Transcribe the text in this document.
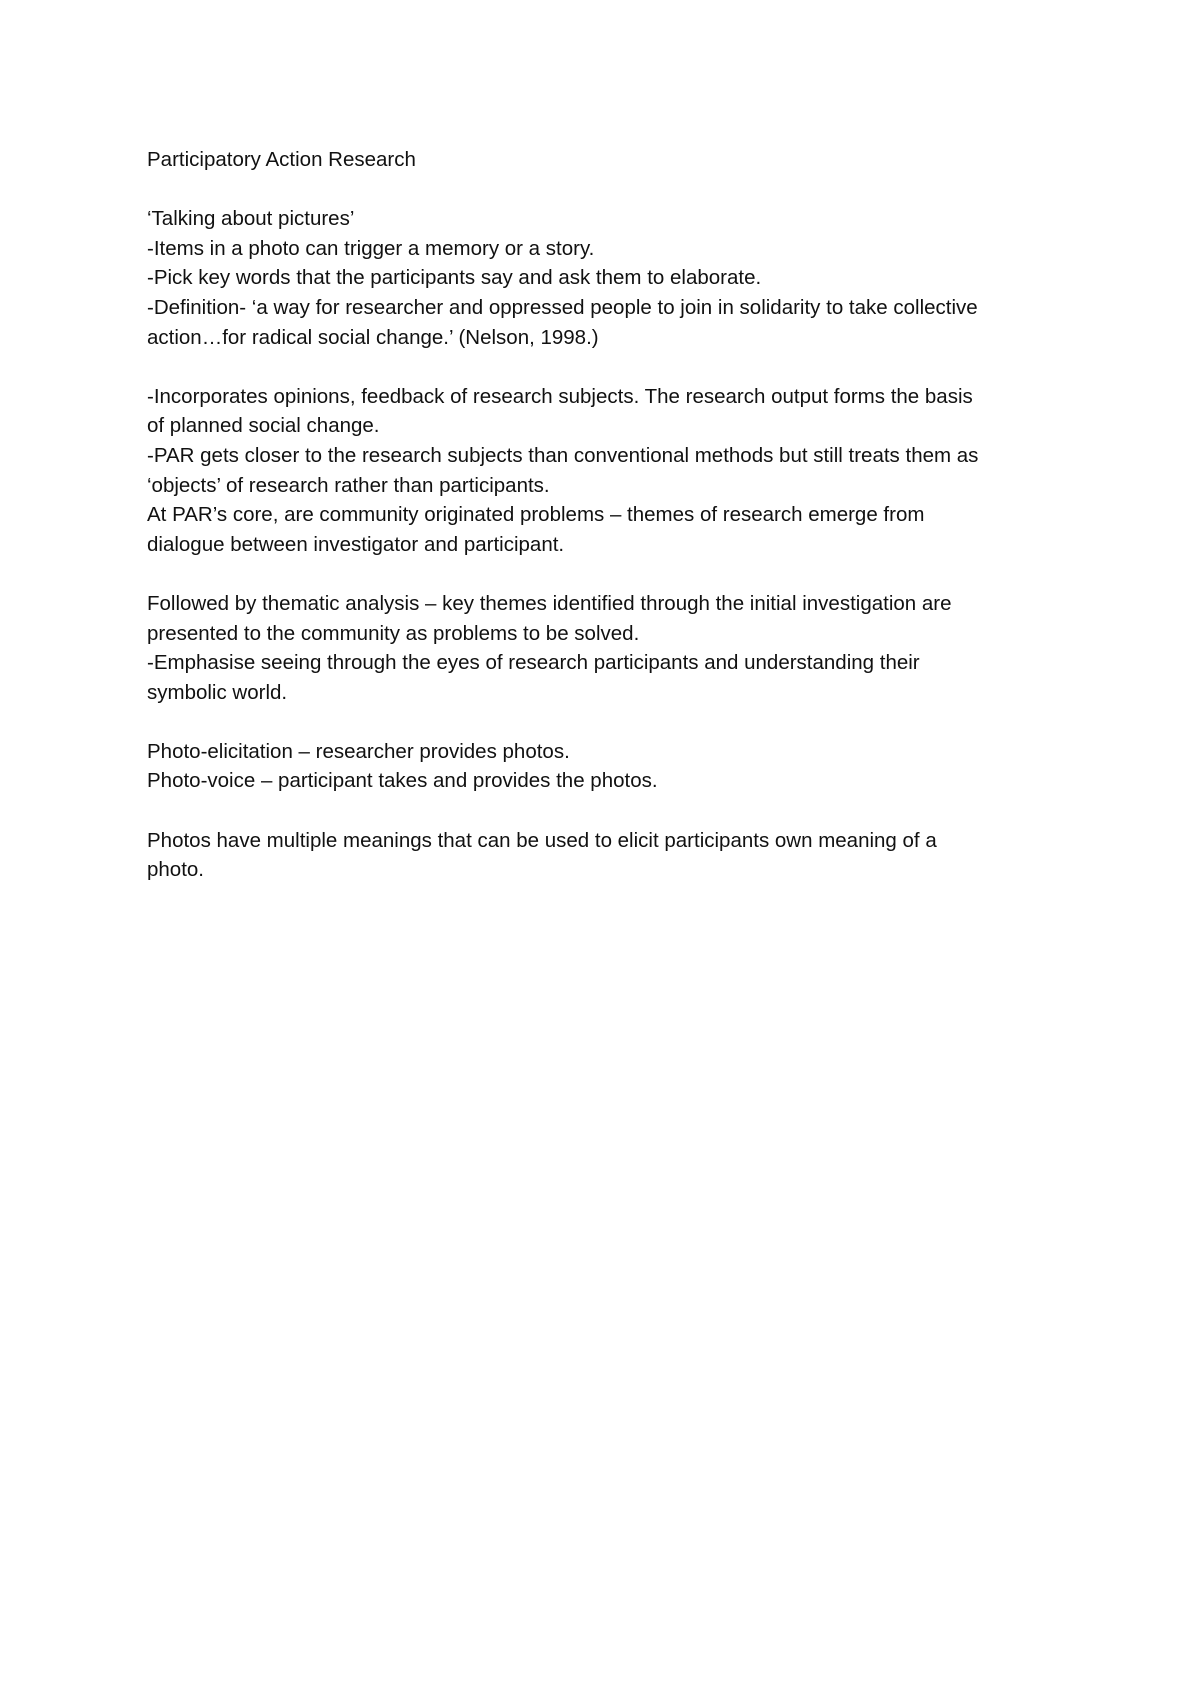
Participatory Action Research

‘Talking about pictures’

-Items in a photo can trigger a memory or a story.

-Pick key words that the participants say and ask them to elaborate.

-Definition- ‘a way for researcher and oppressed people to join in solidarity to take collective

action…for radical social change.’ (Nelson, 1998.)

-Incorporates opinions, feedback of research subjects. The research output forms the basis

of planned social change.

-PAR gets closer to the research subjects than conventional methods but still treats them as

‘objects’ of research rather than participants.

At PAR’s core, are community originated problems – themes of research emerge from

dialogue between investigator and participant.

Followed by thematic analysis – key themes identified through the initial investigation are

presented to the community as problems to be solved.

-Emphasise seeing through the eyes of research participants and understanding their

symbolic world.

Photo-elicitation – researcher provides photos.

Photo-voice – participant takes and provides the photos.

Photos have multiple meanings that can be used to elicit participants own meaning of a

photo.
